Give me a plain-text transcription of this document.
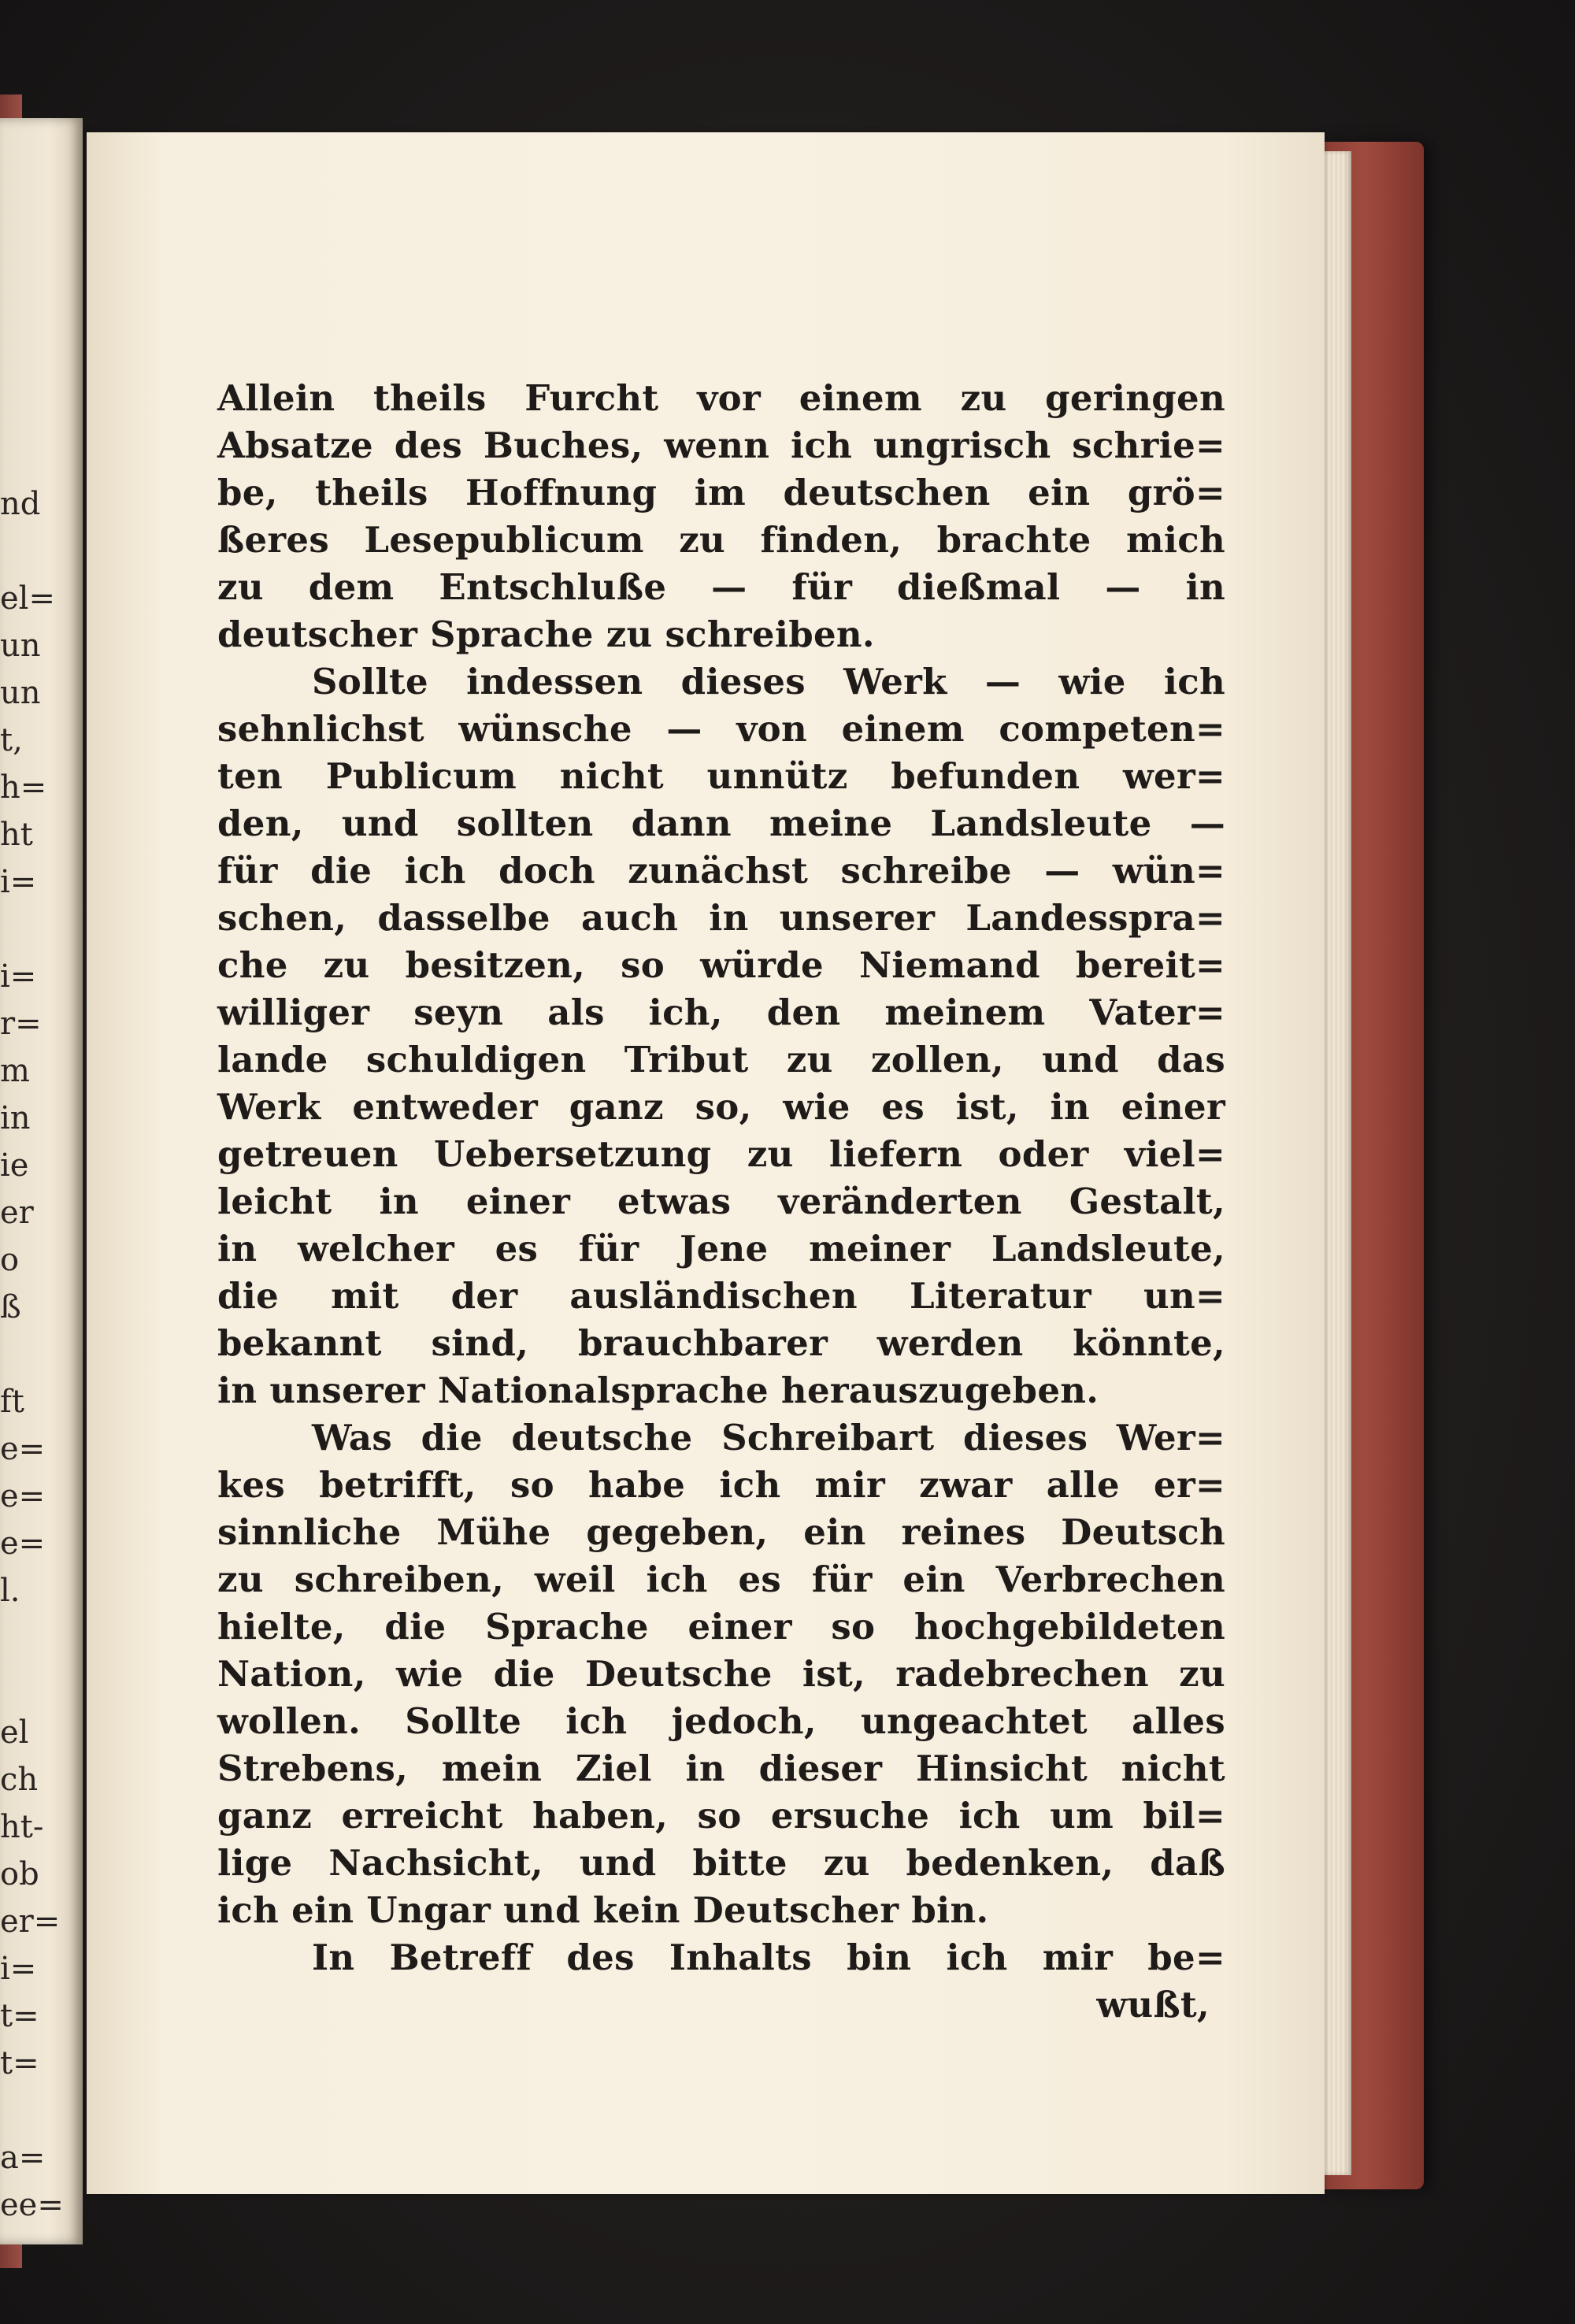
nd
el=
un
un
t,
h=
ht
i=
i=
r=
m
in
ie
er
o
ß
ft
e=
e=
e=
l.
el
ch
ht-
ob
er=
i=
t=
t=
a=
ee=
Allein theils Furcht vor einem zu geringen
Absatze des Buches, wenn ich ungrisch schrie=
be, theils Hoffnung im deutschen ein grö=
ßeres Lesepublicum zu finden, brachte mich
zu dem Entschluße — für dießmal — in
deutscher Sprache zu schreiben.
Sollte indessen dieses Werk — wie ich
sehnlichst wünsche — von einem competen=
ten Publicum nicht unnütz befunden wer=
den, und sollten dann meine Landsleute —
für die ich doch zunächst schreibe — wün=
schen, dasselbe auch in unserer Landesspra=
che zu besitzen, so würde Niemand bereit=
williger seyn als ich, den meinem Vater=
lande schuldigen Tribut zu zollen, und das
Werk entweder ganz so, wie es ist, in einer
getreuen Uebersetzung zu liefern oder viel=
leicht in einer etwas veränderten Gestalt,
in welcher es für Jene meiner Landsleute,
die mit der ausländischen Literatur un=
bekannt sind, brauchbarer werden könnte,
in unserer Nationalsprache herauszugeben.
Was die deutsche Schreibart dieses Wer=
kes betrifft, so habe ich mir zwar alle er=
sinnliche Mühe gegeben, ein reines Deutsch
zu schreiben, weil ich es für ein Verbrechen
hielte, die Sprache einer so hochgebildeten
Nation, wie die Deutsche ist, radebrechen zu
wollen. Sollte ich jedoch, ungeachtet alles
Strebens, mein Ziel in dieser Hinsicht nicht
ganz erreicht haben, so ersuche ich um bil=
lige Nachsicht, und bitte zu bedenken, daß
ich ein Ungar und kein Deutscher bin.
In Betreff des Inhalts bin ich mir be=
wußt,
